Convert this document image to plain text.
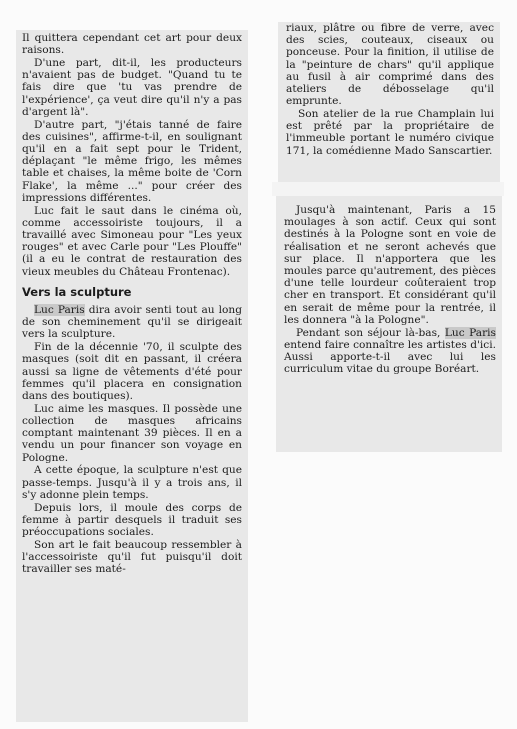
Il quittera cependant cet art pour deux raisons.

D'une part, dit-il, les producteurs n'avaient pas de budget. "Quand tu te fais dire que 'tu vas prendre de l'expérience', ça veut dire qu'il n'y a pas d'argent là".

D'autre part, "j'étais tanné de faire des cuisines", affirme-t-il, en soulignant qu'il en a fait sept pour le Trident, déplaçant "le même frigo, les mêmes table et chaises, la même boite de 'Corn Flake', la même ..." pour créer des impressions différentes.

Luc fait le saut dans le cinéma où, comme accessoiriste toujours, il a travaillé avec Simoneau pour "Les yeux rouges" et avec Carle pour "Les Plouffe" (il a eu le contrat de restauration des vieux meubles du Château Frontenac).

Vers la sculpture

Luc Paris dira avoir senti tout au long de son cheminement qu'il se dirigeait vers la sculpture.

Fin de la décennie '70, il sculpte des masques (soit dit en passant, il créera aussi sa ligne de vêtements d'été pour femmes qu'il placera en consignation dans des boutiques).

Luc aime les masques. Il possède une collection de masques africains comptant maintenant 39 pièces. Il en a vendu un pour financer son voyage en Pologne.

A cette époque, la sculpture n'est que passe-temps. Jusqu'à il y a trois ans, il s'y adonne plein temps.

Depuis lors, il moule des corps de femme à partir desquels il traduit ses préoccupations sociales.

Son art le fait beaucoup ressembler à l'accessoiriste qu'il fut puisqu'il doit travailler ses maté-

riaux, plâtre ou fibre de verre, avec des scies, couteaux, ciseaux ou ponceuse. Pour la finition, il utilise de la "peinture de chars" qu'il applique au fusil à air comprimé dans des ateliers de débosselage qu'il emprunte.

Son atelier de la rue Champlain lui est prêté par la propriétaire de l'immeuble portant le numéro civique 171, la comédienne Mado Sanscartier.

Jusqu'à maintenant, Paris a 15 moulages à son actif. Ceux qui sont destinés à la Pologne sont en voie de réalisation et ne seront achevés que sur place. Il n'apportera que les moules parce qu'autrement, des pièces d'une telle lourdeur coûteraient trop cher en transport. Et considérant qu'il en serait de même pour la rentrée, il les donnera "à la Pologne".

Pendant son séjour là-bas, Luc Paris entend faire connaître les artistes d'ici. Aussi apporte-t-il avec lui les curriculum vitae du groupe Boréart.
